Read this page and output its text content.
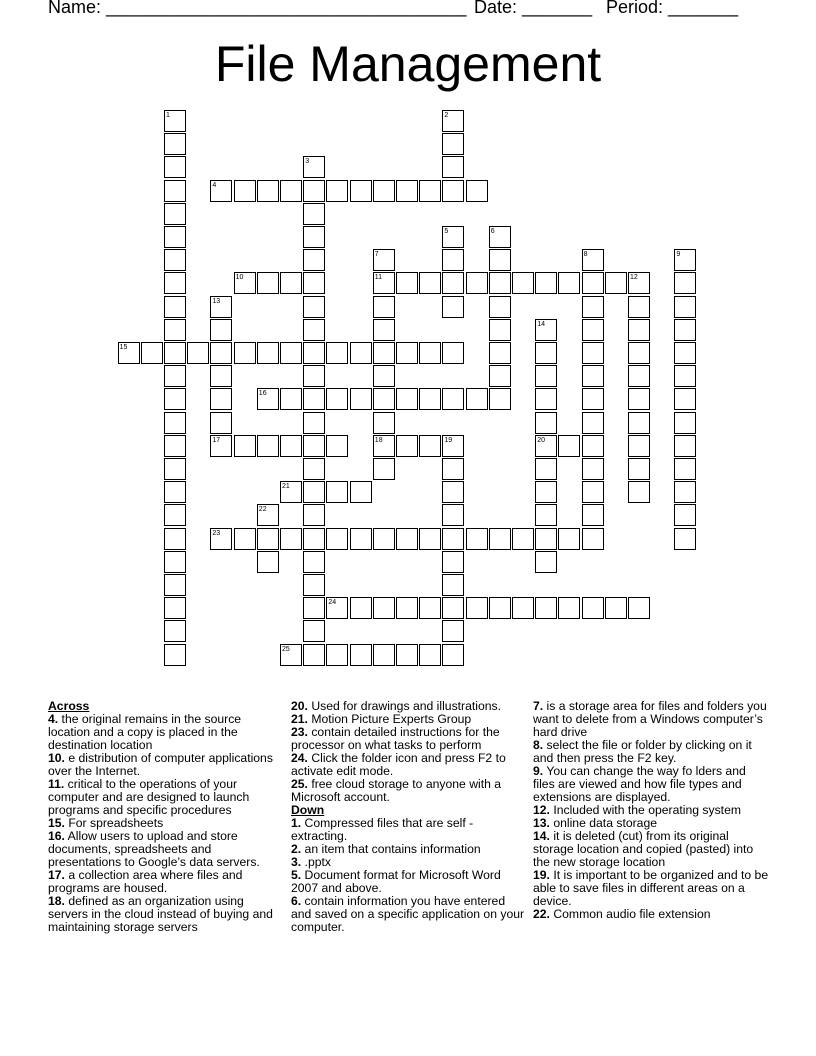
Name: ____________________________________ Date: _______ Period: _______
File Management
1	2
3
4
5	6
7
11
18
8	9
10	12
13
14
20
15
16
17	19
21
22
23
24
25
Across
4. the original remains in the source location and a copy is placed in the destination location
10. e distribution of computer applications over the Internet.
11. critical to the operations of your computer and are designed to launch programs and specific procedures
15. For spreadsheets
16. Allow users to upload and store documents, spreadsheets and presentations to Google’s data servers.
17. a collection area where files and programs are housed.
18. defined as an organization using servers in the cloud instead of buying and maintaining storage servers
20. Used for drawings and illustrations.
21. Motion Picture Experts Group
23. contain detailed instructions for the processor on what tasks to perform
24. Click the folder icon and press F2 to activate edit mode.
25. free cloud storage to anyone with a Microsoft account.
Down
1. Compressed files that are self - extracting.
2. an item that contains information
3. .pptx
5. Document format for Microsoft Word 2007 and above.
6. contain information you have entered and saved on a specific application on your computer.
7. is a storage area for files and folders you want to delete from a Windows computer’s hard drive
8. select the file or folder by clicking on it and then press the F2 key.
9. You can change the way fo lders and files are viewed and how file types and extensions are displayed.
12. Included with the operating system
13. online data storage
14. it is deleted (cut) from its original storage location and copied (pasted) into the new storage location
19. It is important to be organized and to be able to save files in different areas on a device.
22. Common audio file extension
